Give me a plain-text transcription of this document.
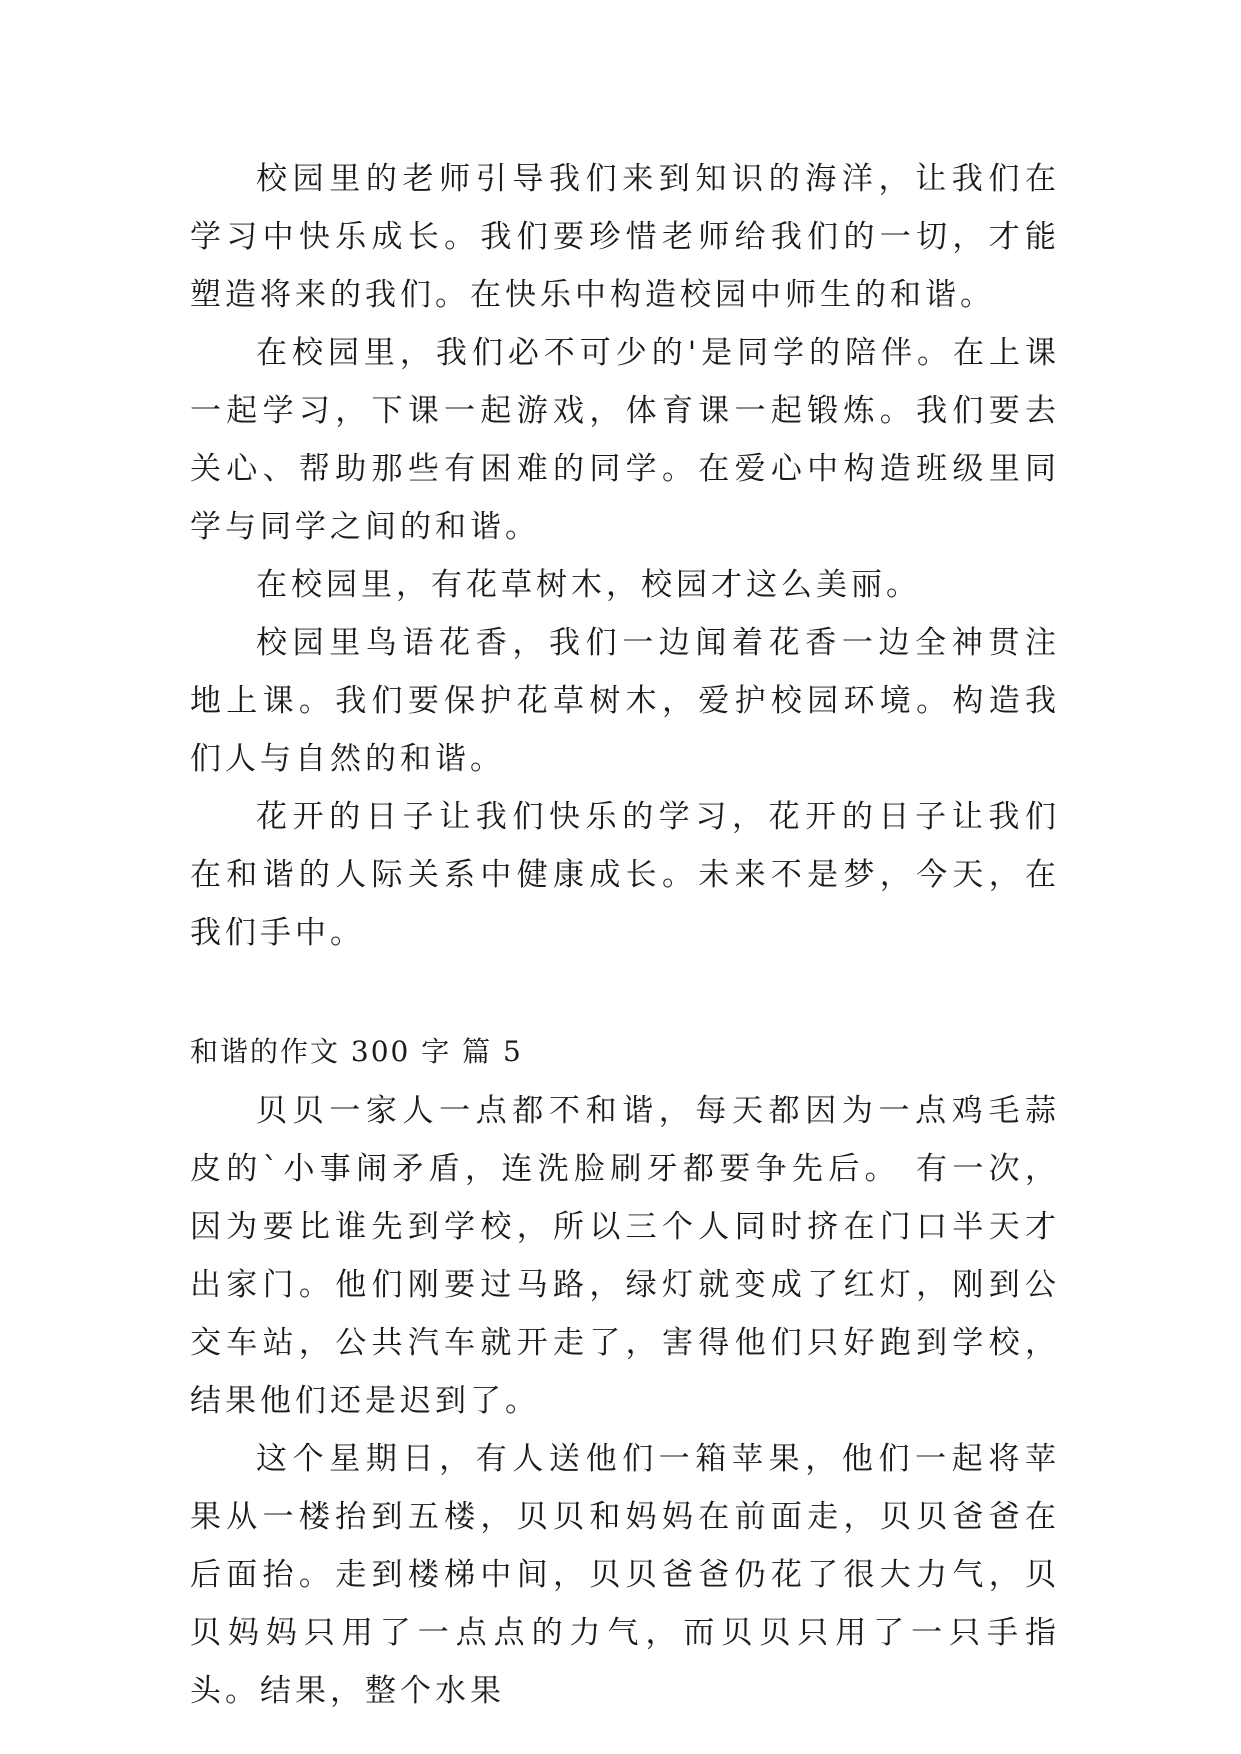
校园里的老师引导我们来到知识的海洋，让我们在学习中快乐成长。我们要珍惜老师给我们的一切，才能塑造将来的我们。在快乐中构造校园中师生的和谐。

在校园里，我们必不可少的'是同学的陪伴。在上课一起学习，下课一起游戏，体育课一起锻炼。我们要去关心、帮助那些有困难的同学。在爱心中构造班级里同学与同学之间的和谐。

在校园里，有花草树木，校园才这么美丽。

校园里鸟语花香，我们一边闻着花香一边全神贯注地上课。我们要保护花草树木，爱护校园环境。构造我们人与自然的和谐。

花开的日子让我们快乐的学习，花开的日子让我们在和谐的人际关系中健康成长。未来不是梦，今天，在我们手中。

和谐的作文 300 字 篇 5

贝贝一家人一点都不和谐，每天都因为一点鸡毛蒜皮的`小事闹矛盾，连洗脸刷牙都要争先后。 有一次，因为要比谁先到学校，所以三个人同时挤在门口半天才出家门。他们刚要过马路，绿灯就变成了红灯，刚到公交车站，公共汽车就开走了，害得他们只好跑到学校，结果他们还是迟到了。

这个星期日，有人送他们一箱苹果，他们一起将苹果从一楼抬到五楼，贝贝和妈妈在前面走，贝贝爸爸在后面抬。走到楼梯中间，贝贝爸爸仍花了很大力气，贝贝妈妈只用了一点点的力气，而贝贝只用了一只手指头。结果，整个水果
